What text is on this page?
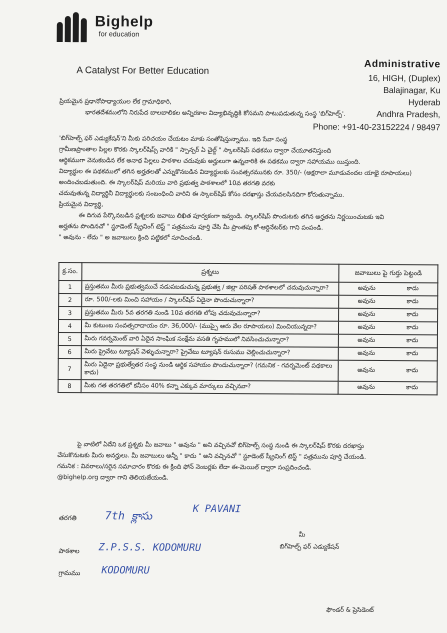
Bighelp
for education
A Catalyst For Better Education
Administrative
16, HIGH, (Duplex)
Balajinagar, Ku
Hyderab
Andhra Pradesh,
Phone: +91-40-23152224 / 98497
ప్రియమైన ప్రధానోపాధ్యాయుల లేక గ్రామాధికారి,
భారతదేశములోని నిరుపేద బాలబాలికల అన్నిరకాల విద్యాభివృద్ధికి కోసమని పాటుపడుతున్న సంస్థ 'బిగ్‌హెల్ప్'.
'బిగ్‌హెల్ప్ ఫర్ ఎడ్యుకేషన్'ని మీకు పరిచయం చేయటం మాకు సంతోషిస్తున్నాము. ఇది సేవా సంస్థ
గ్రామీణప్రాంతాల పిల్లల కొరకు స్కాలర్‌షిప్స్ వారికి " స్పాన్సర్ ఏ చైల్డ్ " స్కాలర్‌షిప్ పథకము ద్వారా చేయూతనిస్తుంది
ఆర్థికముగా వెనుకబడిన లేక అనాథ పిల్లలు పాఠశాల చదువుకు అర్హులుగా ఉన్నవారికి ఈ పథకము ద్వారా సహాయము యిస్తుంది.
విద్యార్థుల ఈ పథకములో తగిన అర్హతలతో ఎన్నుకొనబడిన విద్యార్థులకు సంవత్సరమునకు రూ. 350/- (అక్షరాలా మూడువందల యాభై రూపాయలు)
అందించబడుతుంది. ఈ స్కాలర్‌షిప్ మరియు వారి ప్రభుత్వ పాఠశాలలో 10వ తరగతి వరకు
చదువుతున్న విద్యార్థినీ విద్యార్థులకు సంబంధించి వారిని ఈ స్కాలర్‌షిప్ కోసం దరఖాస్తు చేయవలసినదిగా కోరుతున్నాము.
ప్రియమైన విద్యార్థి,
ఈ దిగువ పేర్కొనబడిన ప్రశ్నలకు జవాబు లిఖిత పూర్వకంగా ఇవ్వండి. స్కాలర్‌షిప్ పొందుటకు తగిన అర్హతను నిర్ణయించుటకు ఇవి
అర్హతను పొందినచో " స్టూడెంట్ స్క్రీనింగ్ టెస్ట్ " పత్రమును పూర్తి చేసి మీ ప్రాంతపు కో-ఆర్డినేటర్‌కు గాని పంపండి.
" అవును - లేదు " అ జవాబులు క్రింది పట్టికలో సూచించండి.
క్ర.సం.	ప్రశ్నలు	జవాబులు పై గుర్తు పెట్టండి
1	ప్రస్తుతము మీరు ప్రభుత్వముచే నడుపబడుచున్న ప్రభుత్వ / జిల్లా పరిషత్ పాఠశాలలో చదువుచున్నారా?	అవును కాదు

2	రూ. 500/-లకు మించి సహాయం / స్కాలర్‌షిప్ ఏదైనా పొందుచున్నారా?	అవును కాదు

3	ప్రస్తుతము మీరు 5వ తరగతి నుండి 10వ తరగతి లోపు చదువుచున్నారా?	అవును కాదు

4	మీ కుటుంబ సంవత్సరాదాయం రూ. 36,000/- (ముప్పై ఆరు వేల రూపాయలు) మించియున్నదా?	అవును కాదు

5	మీరు గవర్నమెంట్ వారి ఏదైన సాంఘిక సంక్షేమ వసతి గృహములో నివసించుచున్నారా?	అవును కాదు

6	మీరు ప్రైవేటు ట్యూషన్ వెళ్ళుచున్నారా? ప్రైవేటు ట్యూషన్ రుసుము చెల్లించుచున్నారా?	అవును కాదు

7	మీరు ఏదైనా ప్రభుత్వేతర సంస్థ నుండి ఆర్థిక సహాయం పొందుచున్నారా? (గమనిక - గవర్నమెంట్ పథకాలు కాదు)	అవును కాదు

8	మీకు గత తరగతిలో కనీసం 40% కన్నా ఎక్కువ మార్కులు వచ్చినవా?	అవును కాదు
పై వాటిలో ఏదేని ఒక ప్రశ్నకు మీ జవాబు " అవును " అని వచ్చినచో బిగ్‌హెల్ప్ సంస్థ నుండి ఈ స్కాలర్‌షిప్ కొరకు దరఖాస్తు
చేసుకొనుటకు మీరు అనర్హులు. మీ జవాబులు అన్నీ " కాదు " అని వచ్చినచో " స్టూడెంట్ స్క్రీనింగ్ టెస్ట్ " పత్రమును పూర్తి చేయండి.
గమనిక : వివరాలు/సరైన సమాచారం కొరకు ఈ క్రింది ఫోన్ నెంబర్లకు లేదా ఈ-మెయిల్ ద్వారా సంప్రదించండి.
@bighelp.org ద్వారా గాని తెలియజేయండి.
తరగతి	7th క్లాసు	K PAVANI
పాఠశాల Z.P.S.S. KODOMURU
గ్రామము KODOMURU
మీ
బిగ్‌హెల్ప్ ఫర్ ఎడ్యుకేషన్
ఫౌండర్ & ప్రెసిడెంట్
